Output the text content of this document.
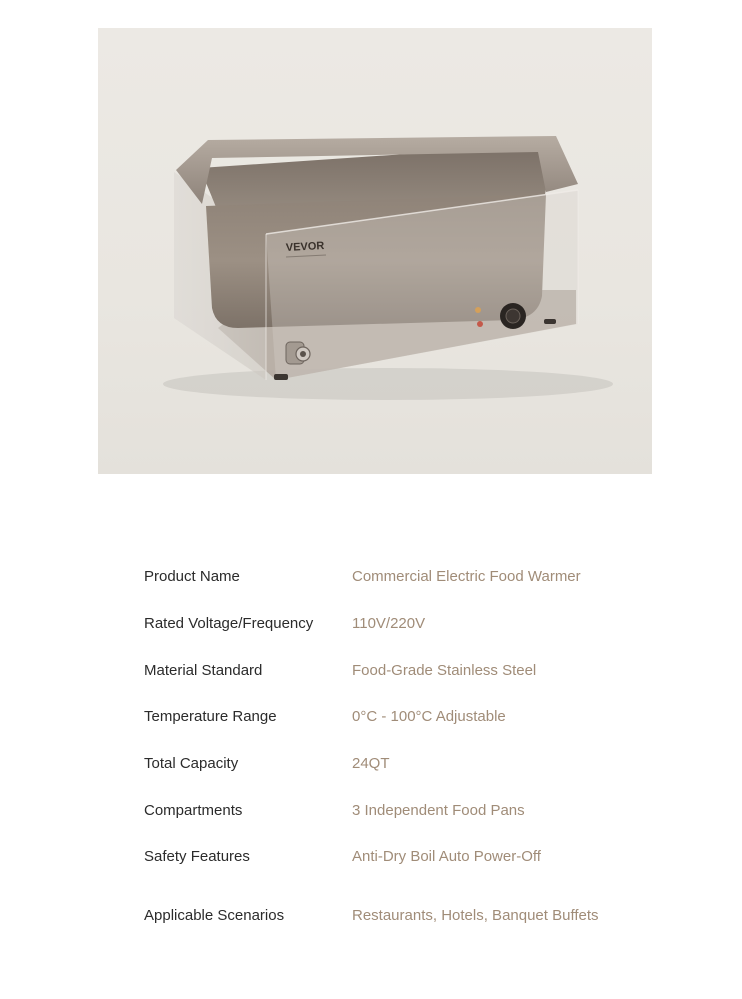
VEVOR
Product Name	Commercial Electric Food Warmer
Rated Voltage/Frequency	110V/220V
Material Standard	Food-Grade Stainless Steel
Temperature Range	0°C - 100°C Adjustable
Total Capacity	24QT
Compartments	3 Independent Food Pans
Safety Features	Anti-Dry Boil Auto Power-Off
Applicable Scenarios	Restaurants, Hotels, Banquet Buffets
